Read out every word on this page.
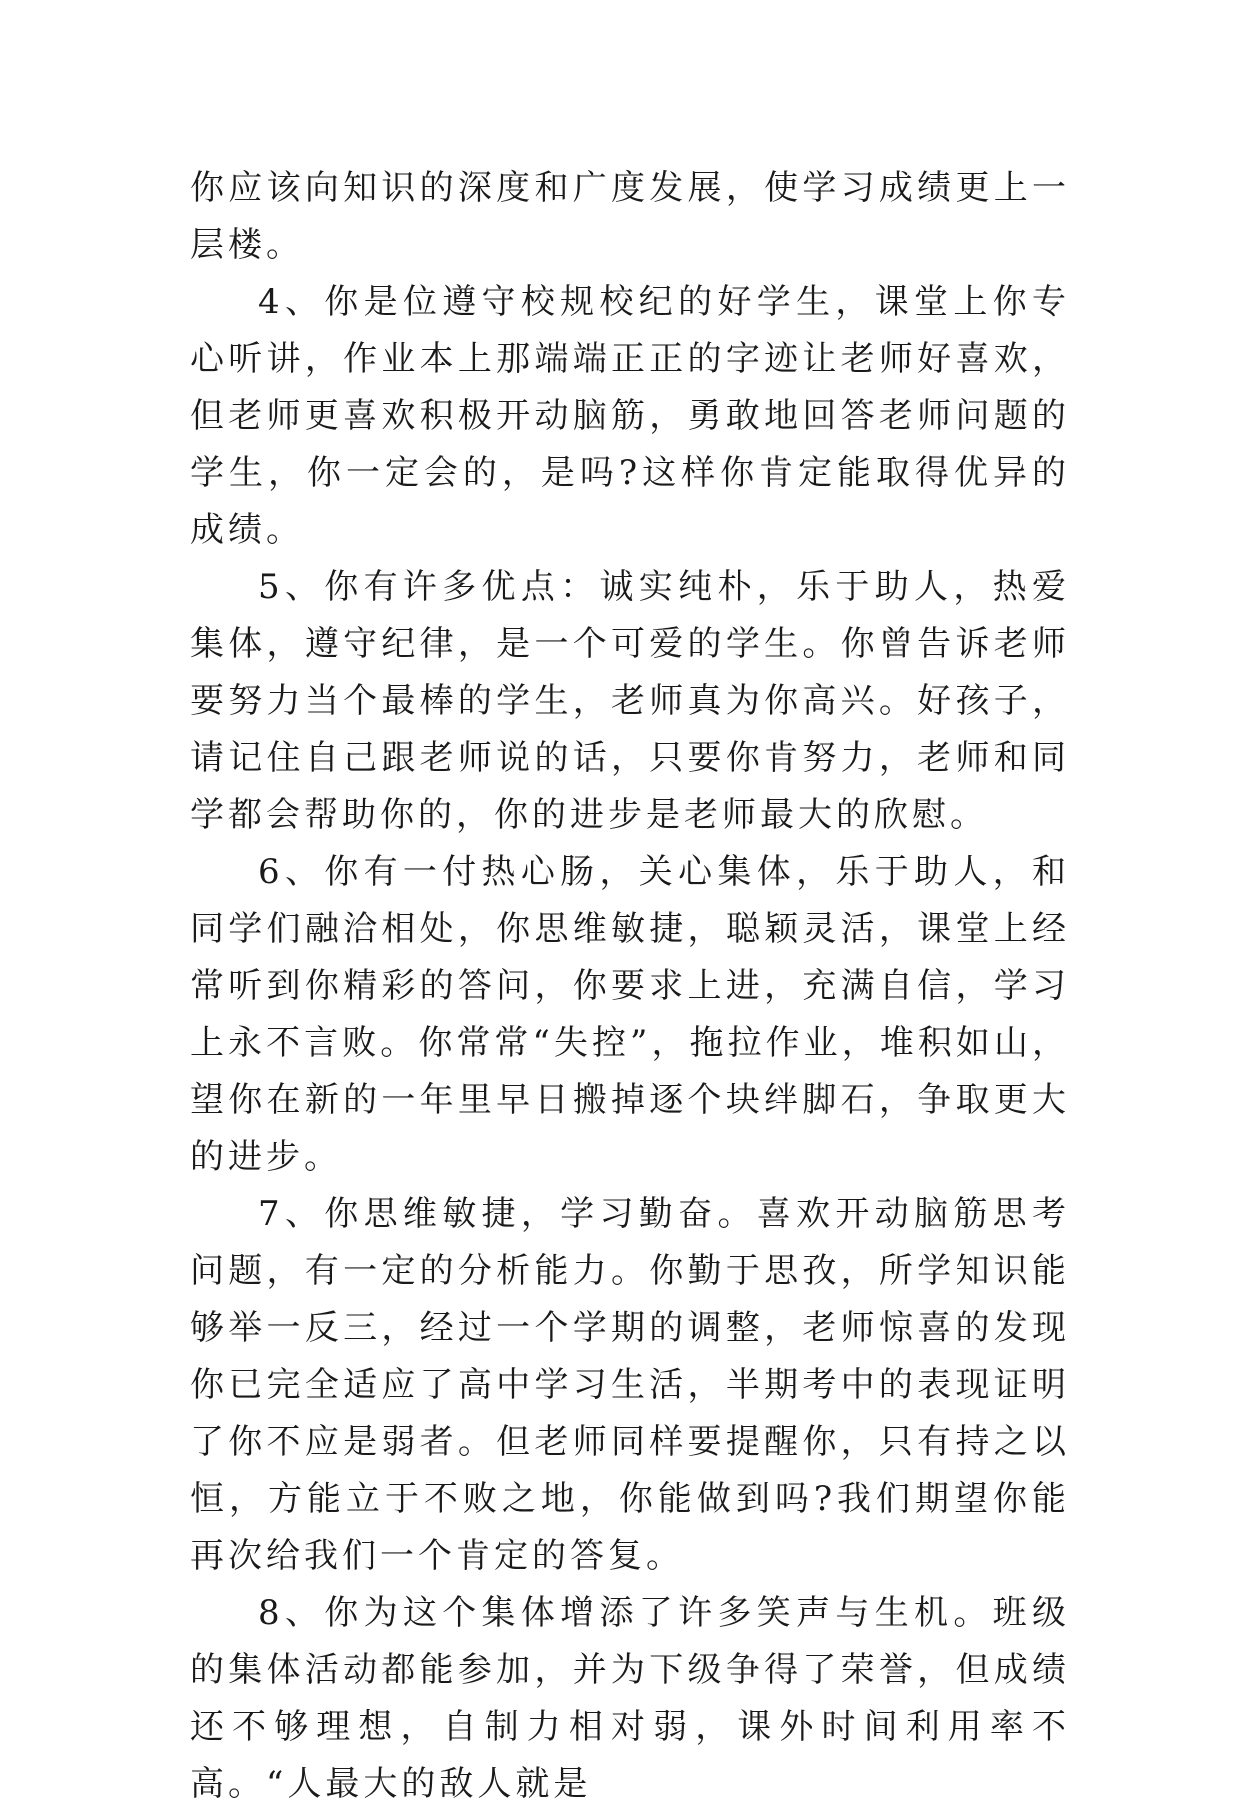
你应该向知识的深度和广度发展，使学习成绩更上一层楼。

4、你是位遵守校规校纪的好学生，课堂上你专心听讲，作业本上那端端正正的字迹让老师好喜欢，但老师更喜欢积极开动脑筋，勇敢地回答老师问题的学生，你一定会的，是吗?这样你肯定能取得优异的成绩。

5、你有许多优点：诚实纯朴，乐于助人，热爱集体，遵守纪律，是一个可爱的学生。你曾告诉老师要努力当个最棒的学生，老师真为你高兴。好孩子，请记住自己跟老师说的话，只要你肯努力，老师和同学都会帮助你的，你的进步是老师最大的欣慰。

6、你有一付热心肠，关心集体，乐于助人，和同学们融洽相处，你思维敏捷，聪颖灵活，课堂上经常听到你精彩的答问，你要求上进，充满自信，学习上永不言败。你常常“失控”，拖拉作业，堆积如山，望你在新的一年里早日搬掉逐个块绊脚石，争取更大的进步。

7、你思维敏捷，学习勤奋。喜欢开动脑筋思考问题，有一定的分析能力。你勤于思孜，所学知识能够举一反三，经过一个学期的调整，老师惊喜的发现你已完全适应了高中学习生活，半期考中的表现证明了你不应是弱者。但老师同样要提醒你，只有持之以恒，方能立于不败之地，你能做到吗?我们期望你能再次给我们一个肯定的答复。

8、你为这个集体增添了许多笑声与生机。班级的集体活动都能参加，并为下级争得了荣誉，但成绩还不够理想，自制力相对弱，课外时间利用率不高。“人最大的敌人就是
